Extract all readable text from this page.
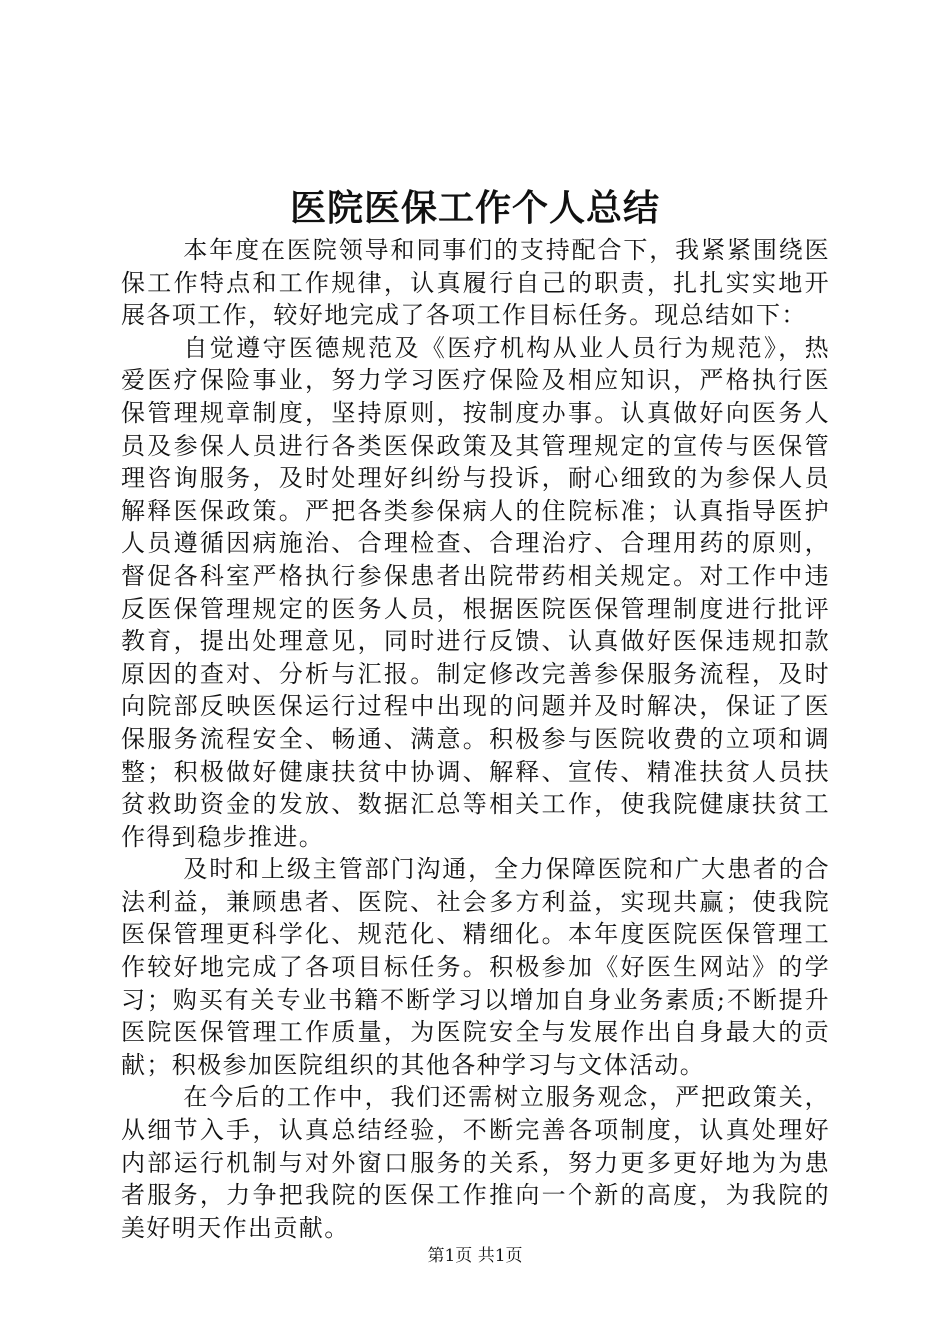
医院医保工作个人总结

本年度在医院领导和同事们的支持配合下，我紧紧围绕医保工作特点和工作规律，认真履行自己的职责，扎扎实实地开展各项工作，较好地完成了各项工作目标任务。现总结如下：

自觉遵守医德规范及《医疗机构从业人员行为规范》，热爱医疗保险事业，努力学习医疗保险及相应知识，严格执行医保管理规章制度，坚持原则，按制度办事。认真做好向医务人员及参保人员进行各类医保政策及其管理规定的宣传与医保管理咨询服务，及时处理好纠纷与投诉，耐心细致的为参保人员解释医保政策。严把各类参保病人的住院标准；认真指导医护人员遵循因病施治、合理检查、合理治疗、合理用药的原则，督促各科室严格执行参保患者出院带药相关规定。对工作中违反医保管理规定的医务人员，根据医院医保管理制度进行批评教育，提出处理意见，同时进行反馈、认真做好医保违规扣款原因的查对、分析与汇报。制定修改完善参保服务流程，及时向院部反映医保运行过程中出现的问题并及时解决，保证了医保服务流程安全、畅通、满意。积极参与医院收费的立项和调整；积极做好健康扶贫中协调、解释、宣传、精准扶贫人员扶贫救助资金的发放、数据汇总等相关工作，使我院健康扶贫工作得到稳步推进。

及时和上级主管部门沟通，全力保障医院和广大患者的合法利益，兼顾患者、医院、社会多方利益，实现共赢；使我院医保管理更科学化、规范化、精细化。本年度医院医保管理工作较好地完成了各项目标任务。积极参加《好医生网站》的学习；购买有关专业书籍不断学习以增加自身业务素质;不断提升医院医保管理工作质量，为医院安全与发展作出自身最大的贡献；积极参加医院组织的其他各种学习与文体活动。

在今后的工作中，我们还需树立服务观念，严把政策关，从细节入手，认真总结经验，不断完善各项制度，认真处理好内部运行机制与对外窗口服务的关系，努力更多更好地为为患者服务，力争把我院的医保工作推向一个新的高度，为我院的美好明天作出贡献。

第1页 共1页
